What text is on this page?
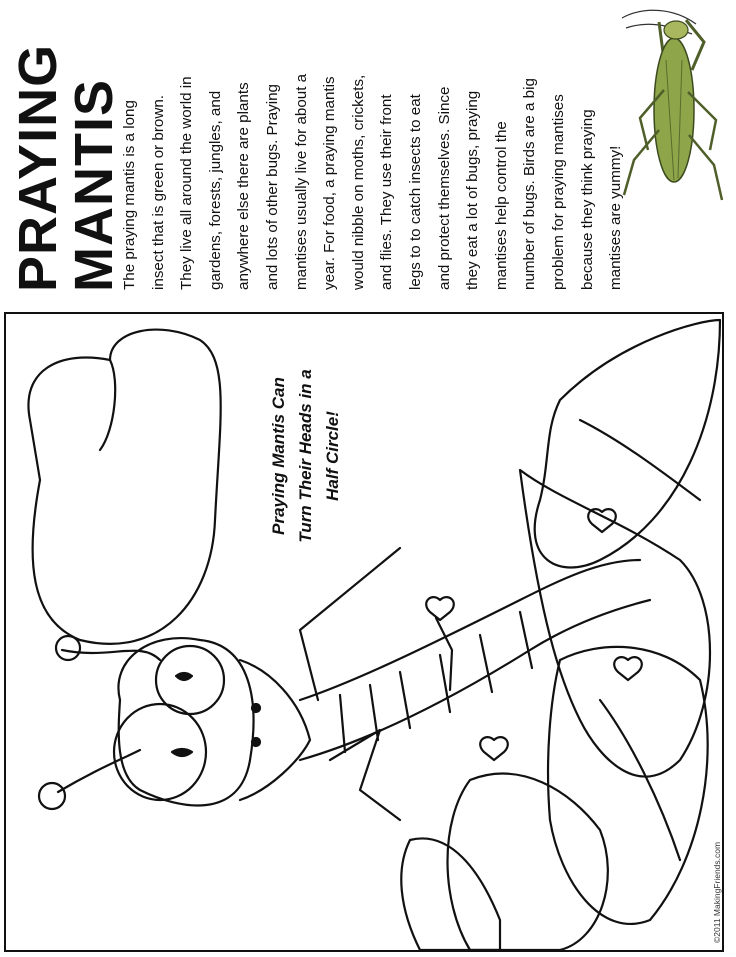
PRAYING
MANTIS
The praying mantis is a long insect that is green or brown. They live all around the world in gardens, forests, jungles, and anywhere else there are plants and lots of other bugs. Praying mantises usually live for about a year. For food, a praying mantis would nibble on moths, crickets, and flies. They use their front legs to to catch insects to eat and protect themselves. Since they eat a lot of bugs, praying mantises help control the number of bugs. Birds are a big problem for praying mantises because they think praying mantises are yummy!
Praying Mantis Can Turn Their Heads in a Half Circle!
©2011 MakingFriends.com
